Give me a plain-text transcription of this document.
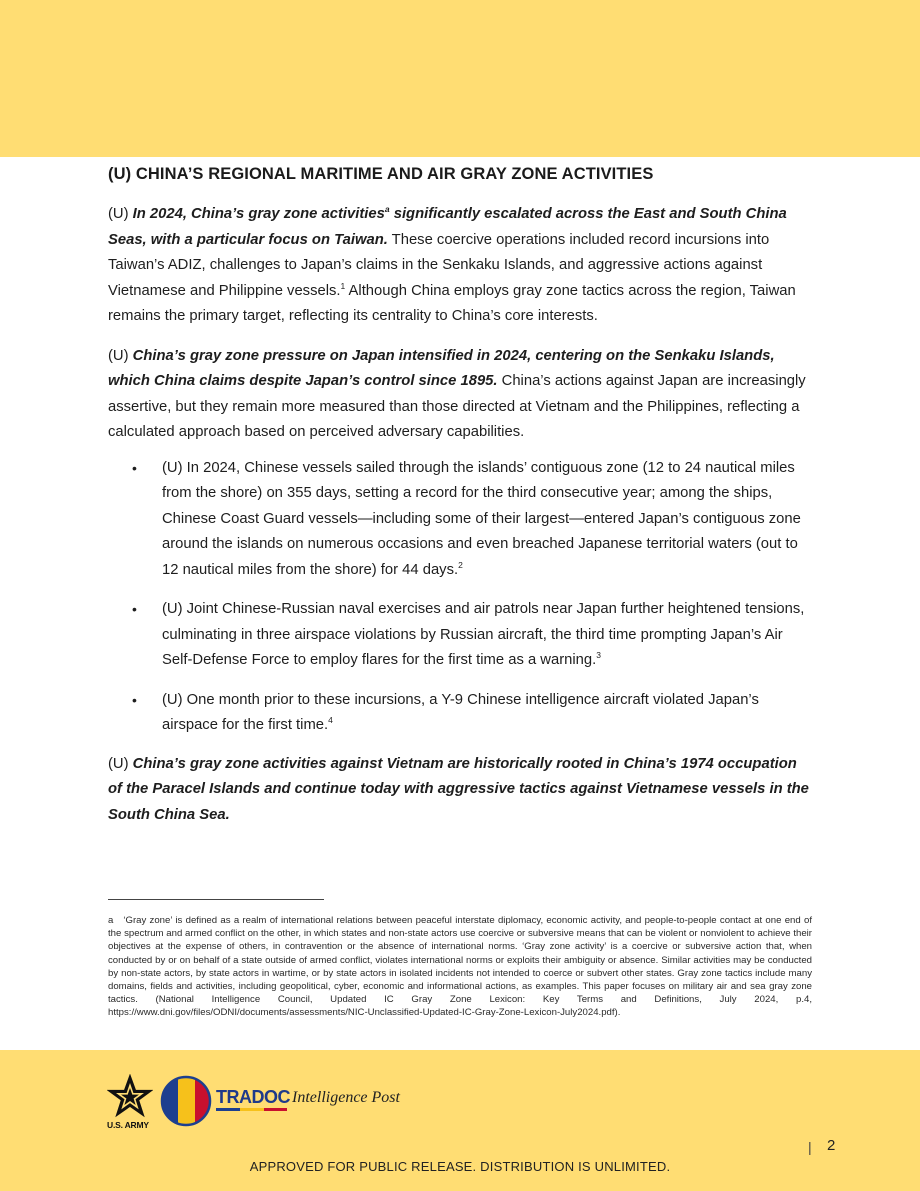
(U) CHINA’S REGIONAL MARITIME AND AIR GRAY ZONE ACTIVITIES

(U) In 2024, China’s gray zone activities$^a$ significantly escalated across the East and South China Seas, with a particular focus on Taiwan. These coercive operations included record incursions into Taiwan’s ADIZ, challenges to Japan’s claims in the Senkaku Islands, and aggressive actions against Vietnamese and Philippine vessels.$^1$ Although China employs gray zone tactics across the region, Taiwan remains the primary target, reflecting its centrality to China’s core interests.

(U) China’s gray zone pressure on Japan intensified in 2024, centering on the Senkaku Islands, which China claims despite Japan’s control since 1895. China’s actions against Japan are increasingly assertive, but they remain more measured than those directed at Vietnam and the Philippines, reflecting a calculated approach based on perceived adversary capabilities.

• (U) In 2024, Chinese vessels sailed through the islands’ contiguous zone (12 to 24 nautical miles from the shore) on 355 days, setting a record for the third consecutive year; among the ships, Chinese Coast Guard vessels—including some of their largest—entered Japan’s contiguous zone around the islands on numerous occasions and even breached Japanese territorial waters (out to 12 nautical miles from the shore) for 44 days.$^2$
• (U) Joint Chinese-Russian naval exercises and air patrols near Japan further heightened tensions, culminating in three airspace violations by Russian aircraft, the third time prompting Japan’s Air Self-Defense Force to employ flares for the first time as a warning.$^3$
• (U) One month prior to these incursions, a Y-9 Chinese intelligence aircraft violated Japan’s airspace for the first time.$^4$

(U) China’s gray zone activities against Vietnam are historically rooted in China’s 1974 occupation of the Paracel Islands and continue today with aggressive tactics against Vietnamese vessels in the South China Sea.

a ‘Gray zone’ is defined as a realm of international relations between peaceful interstate diplomacy, economic activity, and people-to-people contact at one end of the spectrum and armed conflict on the other, in which states and non-state actors use coercive or subversive means that can be violent or nonviolent to achieve their objectives at the expense of others, in contravention or the absence of international norms. ‘Gray zone activity’ is a coercive or subversive action that, when conducted by or on behalf of a state outside of armed conflict, violates international norms or exploits their ambiguity or absence. Similar activities may be conducted by non-state actors, by state actors in wartime, or by state actors in isolated incidents not intended to coerce or subvert other states. Gray zone tactics include many domains, fields and activities, including geopolitical, cyber, economic and informational actions, as examples. This paper focuses on military air and sea gray zone tactics. (National Intelligence Council, Updated IC Gray Zone Lexicon: Key Terms and Definitions, July 2024, p.4, https://www.dni.gov/files/ODNI/documents/assessments/NIC-Unclassified-Updated-IC-Gray-Zone-Lexicon-July2024.pdf).
U.S. ARMY
TRADOC Intelligence Post
| 2
APPROVED FOR PUBLIC RELEASE. DISTRIBUTION IS UNLIMITED.
